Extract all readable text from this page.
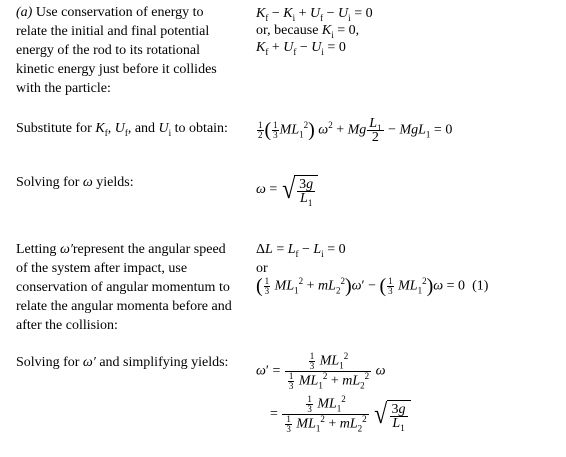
(a) Use conservation of energy to relate the initial and final potential energy of the rod to its rotational kinetic energy just before it collides with the particle:
$K_f - K_i + U_f - U_i = 0$
or, because $K_i = 0$,
$K_f + U_f - U_i = 0$
Substitute for $K_f$, $U_f$, and $U_i$ to obtain:	$\frac{1}{2}$ ( $\frac{1}{3} ML_1^2$) $\omega^2 + Mg \frac{L_1}{2} - MgL_1 = 0$
Solving for ω yields:	ω = √ $\frac{3g}{L_1}$
Letting ω′represent the angular speed of the system after impact, use conservation of angular momentum to relate the angular momenta before and after the collision:
$\Delta L = L_f - L_i = 0$
or
( $\frac{1}{3} ML_1^2 + mL_2^2)\omega'$ − ( $\frac{1}{3} ML_1^2)\omega = 0$  (1)
Solving for ω′ and simplifying yields:
$\omega' = \frac{\frac{1}{3} ML_1^2}{\frac{1}{3} ML_1^2 + mL_2^2}$ ω
= $\frac{\frac{1}{3} ML_1^2}{\frac{1}{3} ML_1^2 + mL_2^2}$
√ $\frac{3g}{L_1}$
